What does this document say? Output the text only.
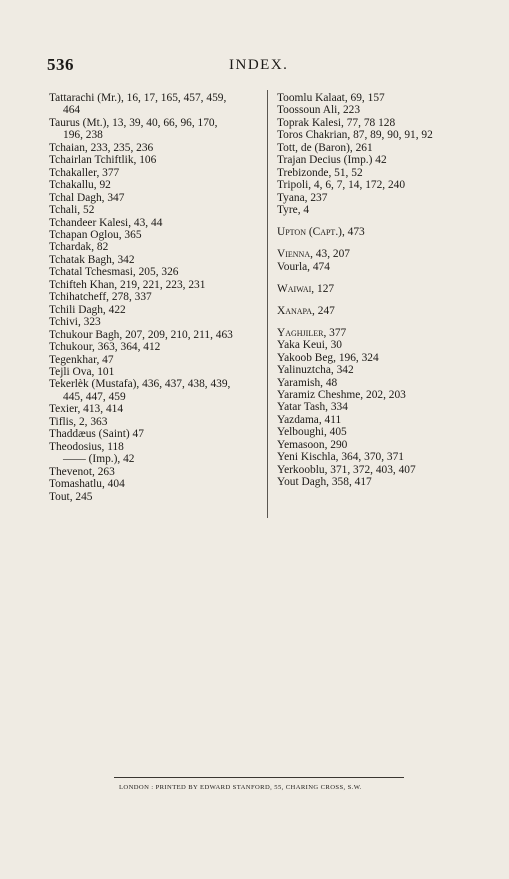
536	INDEX.
Tattarachi (Mr.), 16, 17, 165, 457, 459,
464
Taurus (Mt.), 13, 39, 40, 66, 96, 170,
196, 238
Tchaian, 233, 235, 236
Tchairlan Tchiftlik, 106
Tchakaller, 377
Tchakallu, 92
Tchal Dagh, 347
Tchali, 52
Tchandeer Kalesi, 43, 44
Tchapan Oglou, 365
Tchardak, 82
Tchatak Bagh, 342
Tchatal Tchesmasi, 205, 326
Tchifteh Khan, 219, 221, 223, 231
Tchihatcheff, 278, 337
Tchili Dagh, 422
Tchivi, 323
Tchukour Bagh, 207, 209, 210, 211, 463
Tchukour, 363, 364, 412
Tegenkhar, 47
Tejli Ova, 101
Tekerlèk (Mustafa), 436, 437, 438, 439,
445, 447, 459
Texier, 413, 414
Tiflis, 2, 363
Thaddæus (Saint) 47
Theodosius, 118
—— (Imp.), 42
Thevenot, 263
Tomashatlu, 404
Tout, 245
Toomlu Kalaat, 69, 157
Toossoun Ali, 223
Toprak Kalesi, 77, 78 128
Toros Chakrian, 87, 89, 90, 91, 92
Tott, de (Baron), 261
Trajan Decius (Imp.) 42
Trebizonde, 51, 52
Tripoli, 4, 6, 7, 14, 172, 240
Tyana, 237
Tyre, 4
Upton (Capt.), 473
Vienna, 43, 207
Vourla, 474
Waiwai, 127
Xanapa, 247
Yaghjiler, 377
Yaka Keui, 30
Yakoob Beg, 196, 324
Yalinuztcha, 342
Yaramish, 48
Yaramiz Cheshme, 202, 203
Yatar Tash, 334
Yazdama, 411
Yelboughi, 405
Yemasoon, 290
Yeni Kischla, 364, 370, 371
Yerkooblu, 371, 372, 403, 407
Yout Dagh, 358, 417
LONDON : PRINTED BY EDWARD STANFORD, 55, CHARING CROSS, S.W.
